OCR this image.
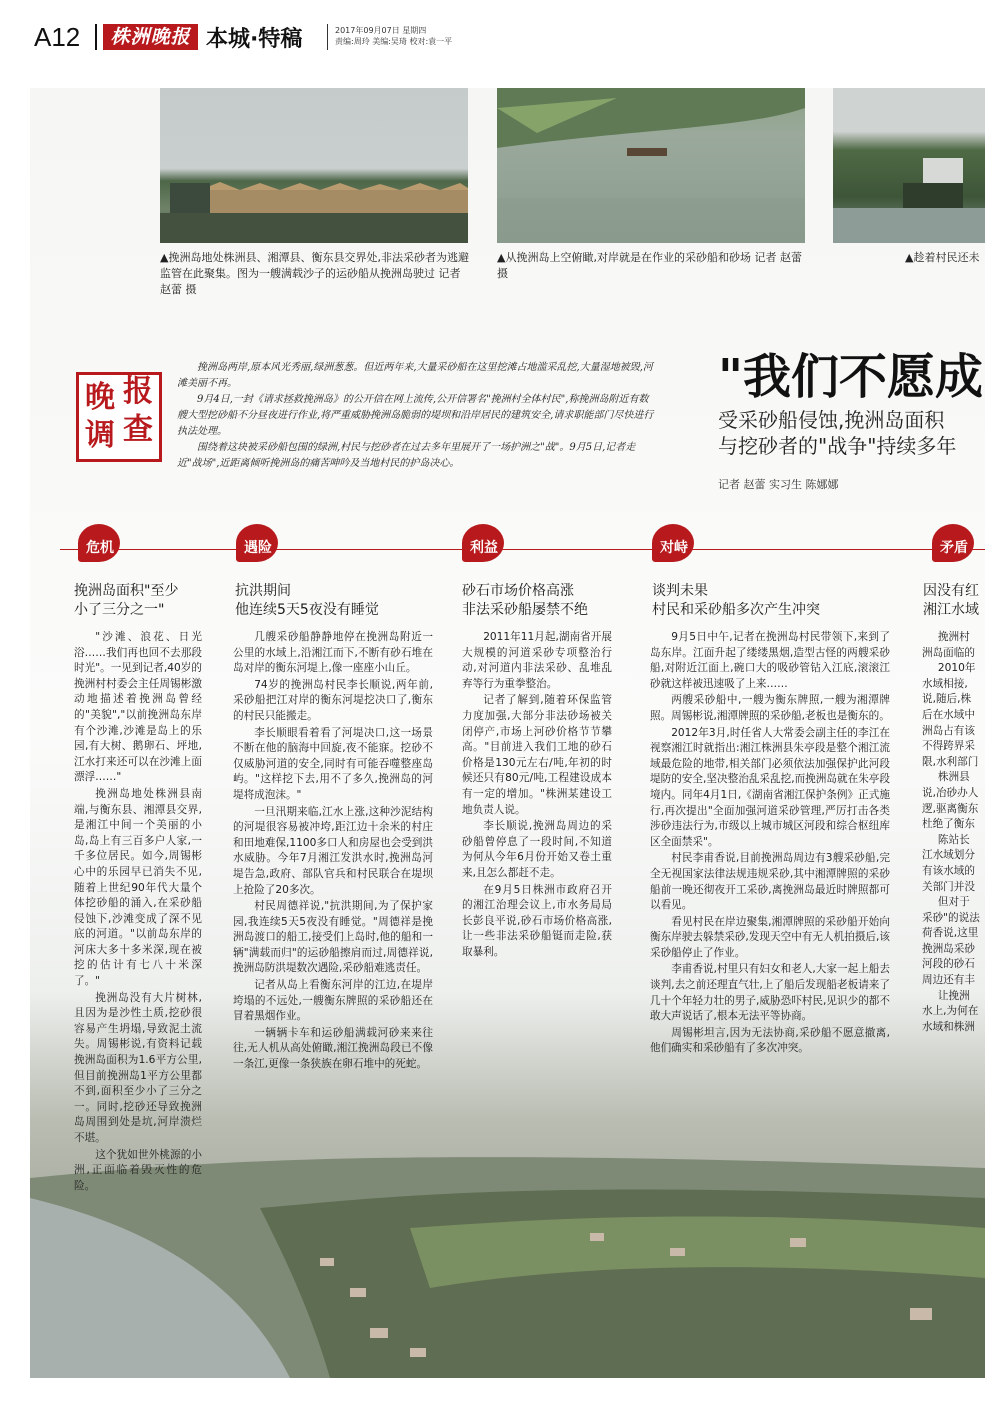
A12	株洲晚报 本城·特稿	2017年09月07日 星期四
责编:周玲 美编:吴琦 校对:袁一平
▲挽洲岛地处株洲县、湘潭县、衡东县交界处,非法采砂者为逃避监管在此聚集。图为一艘满载沙子的运砂船从挽洲岛驶过 记者 赵蕾 摄
▲从挽洲岛上空俯瞰,对岸就是在作业的采砂船和砂场 记者 赵蕾 摄
▲趁着村民还未
晚 报
调 查

挽洲岛两岸,原本风光秀丽,绿洲葱葱。但近两年来,大量采砂船在这里挖滩占地滥采乱挖,大量湿地被毁,河滩美丽不再。

9月4日,一封《请求拯救挽洲岛》的公开信在网上流传,公开信署名"挽洲村全体村民",称挽洲岛附近有数艘大型挖砂船不分昼夜进行作业,将严重威胁挽洲岛脆弱的堤坝和沿岸居民的建筑安全,请求职能部门尽快进行执法处理。

围绕着这块被采砂船包围的绿洲,村民与挖砂者在过去多年里展开了一场护洲之"战"。9月5日,记者走近"战场",近距离倾听挽洲岛的痛苦呻吟及当地村民的护岛决心。

"我们不愿成
受采砂船侵蚀,挽洲岛面积
与挖砂者的"战争"持续多年
记者 赵蕾 实习生 陈娜娜
危机	遇险	利益	对峙	矛盾
挽洲岛面积"至少
小了三分之一"
抗洪期间
他连续5天5夜没有睡觉
砂石市场价格高涨
非法采砂船屡禁不绝
谈判未果
村民和采砂船多次产生冲突
因没有红
湘江水域

"沙滩、浪花、日光浴……我们再也回不去那段时光"。一见到记者,40岁的挽洲村村委会主任周锡彬激动地描述着挽洲岛曾经的"美貌","以前挽洲岛东岸有个沙滩,沙滩是岛上的乐园,有大树、鹅卵石、坪地,江水打来还可以在沙滩上面漂浮……"

挽洲岛地处株洲县南端,与衡东县、湘潭县交界,是湘江中间一个美丽的小岛,岛上有三百多户人家,一千多位居民。如今,周锡彬心中的乐园早已消失不见,随着上世纪90年代大量个体挖砂船的涌入,在采砂船侵蚀下,沙滩变成了深不见底的河道。"以前岛东岸的河床大多十多米深,现在被挖的估计有七八十米深了。"

挽洲岛没有大片树林,且因为是沙性土质,挖砂很容易产生坍塌,导致泥土流失。周锡彬说,有资料记载挽洲岛面积为1.6平方公里,但目前挽洲岛1平方公里都不到,面积至少小了三分之一。同时,挖砂还导致挽洲岛周围到处是坑,河岸溃烂不堪。

这个犹如世外桃源的小洲,正面临着毁灭性的危险。

几艘采砂船静静地停在挽洲岛附近一公里的水域上,沿湘江而下,不断有砂石堆在岛对岸的衡东河堤上,像一座座小山丘。

74岁的挽洲岛村民李长顺说,两年前,采砂船把江对岸的衡东河堤挖决口了,衡东的村民只能搬走。

李长顺眼看着看了河堤决口,这一场景不断在他的脑海中回旋,夜不能寐。挖砂不仅威胁河道的安全,同时有可能吞噬整座岛屿。"这样挖下去,用不了多久,挽洲岛的河堤将成泡沫。"

一旦汛期来临,江水上涨,这种沙泥结构的河堤很容易被冲垮,距江边十余米的村庄和田地难保,1100多口人和房屋也会受到洪水威胁。今年7月湘江发洪水时,挽洲岛河堤告急,政府、部队官兵和村民联合在堤坝上抢险了20多次。

村民周德祥说,"抗洪期间,为了保护家园,我连续5天5夜没有睡觉。"周德祥是挽洲岛渡口的船工,接受们上岛时,他的船和一辆"满载而归"的运砂船擦肩而过,周德祥说,挽洲岛防洪堤数次遇险,采砂船难逃责任。

记者从岛上看衡东河岸的江边,在堤岸垮塌的不远处,一艘衡东牌照的采砂船还在冒着黑烟作业。

一辆辆卡车和运砂船满载河砂来来往往,无人机从高处俯瞰,湘江挽洲岛段已不像一条江,更像一条狭族在卵石堆中的死蛇。

2011年11月起,湖南省开展大规模的河道采砂专项整治行动,对河道内非法采砂、乱堆乱弃等行为重拳整治。

记者了解到,随着环保监管力度加强,大部分非法砂场被关闭停产,市场上河砂价格节节攀高。"目前进入我们工地的砂石价格是130元左右/吨,年初的时候还只有80元/吨,工程建设成本有一定的增加。"株洲某建设工地负责人说。

李长顺说,挽洲岛周边的采砂船曾停息了一段时间,不知道为何从今年6月份开始又卷土重来,且怎么都赶不走。

在9月5日株洲市政府召开的湘江治理会议上,市水务局局长彭良平说,砂石市场价格高涨,让一些非法采砂船铤而走险,获取暴利。

9月5日中午,记者在挽洲岛村民带领下,来到了岛东岸。江面升起了缕缕黑烟,造型古怪的两艘采砂船,对附近江面上,碗口大的吸砂管钻入江底,滚滚江砂就这样被迅速吸了上来……

两艘采砂船中,一艘为衡东牌照,一艘为湘潭牌照。周锡彬说,湘潭牌照的采砂船,老板也是衡东的。

2012年3月,时任省人大常委会副主任的李江在视察湘江时就指出:湘江株洲县朱亭段是整个湘江流域最危险的地带,相关部门必须依法加强保护此河段堤防的安全,坚决整治乱采乱挖,而挽洲岛就在朱亭段境内。同年4月1日,《湖南省湘江保护条例》正式施行,再次提出"全面加强河道采砂管理,严厉打击各类涉砂违法行为,市级以上城市城区河段和综合枢纽库区全面禁采"。

村民李甫香说,目前挽洲岛周边有3艘采砂船,完全无视国家法律法规违规采砂,其中湘潭牌照的采砂船前一晚还彻夜开工采砂,离挽洲岛最近时牌照都可以看见。

看见村民在岸边聚集,湘潭牌照的采砂船开始向衡东岸驶去躲禁采砂,发现天空中有无人机拍摄后,该采砂船停止了作业。

李甫香说,村里只有妇女和老人,大家一起上船去谈判,去之前还理直气壮,上了船后发现船老板请来了几十个年轻力壮的男子,威胁恐吓村民,见识少的都不敢大声说话了,根本无法平等协商。

周锡彬坦言,因为无法协商,采砂船不愿意撤离,他们确实和采砂船有了多次冲突。

挽洲村
洲岛面临的
2010年
水域相接,
说,随后,株
后在水域中
洲岛占有该
不得跨界采
限,水利部门
株洲县
说,冶砂办人
逻,驱离衡东
杜绝了衡东
陈站长
江水域划分
有该水域的
关部门并没
但对于
采砂"的说法
荷香说,这里
挽洲岛采砂
河段的砂石
周边还有丰
让挽洲
水上,为何在
水域和株洲
